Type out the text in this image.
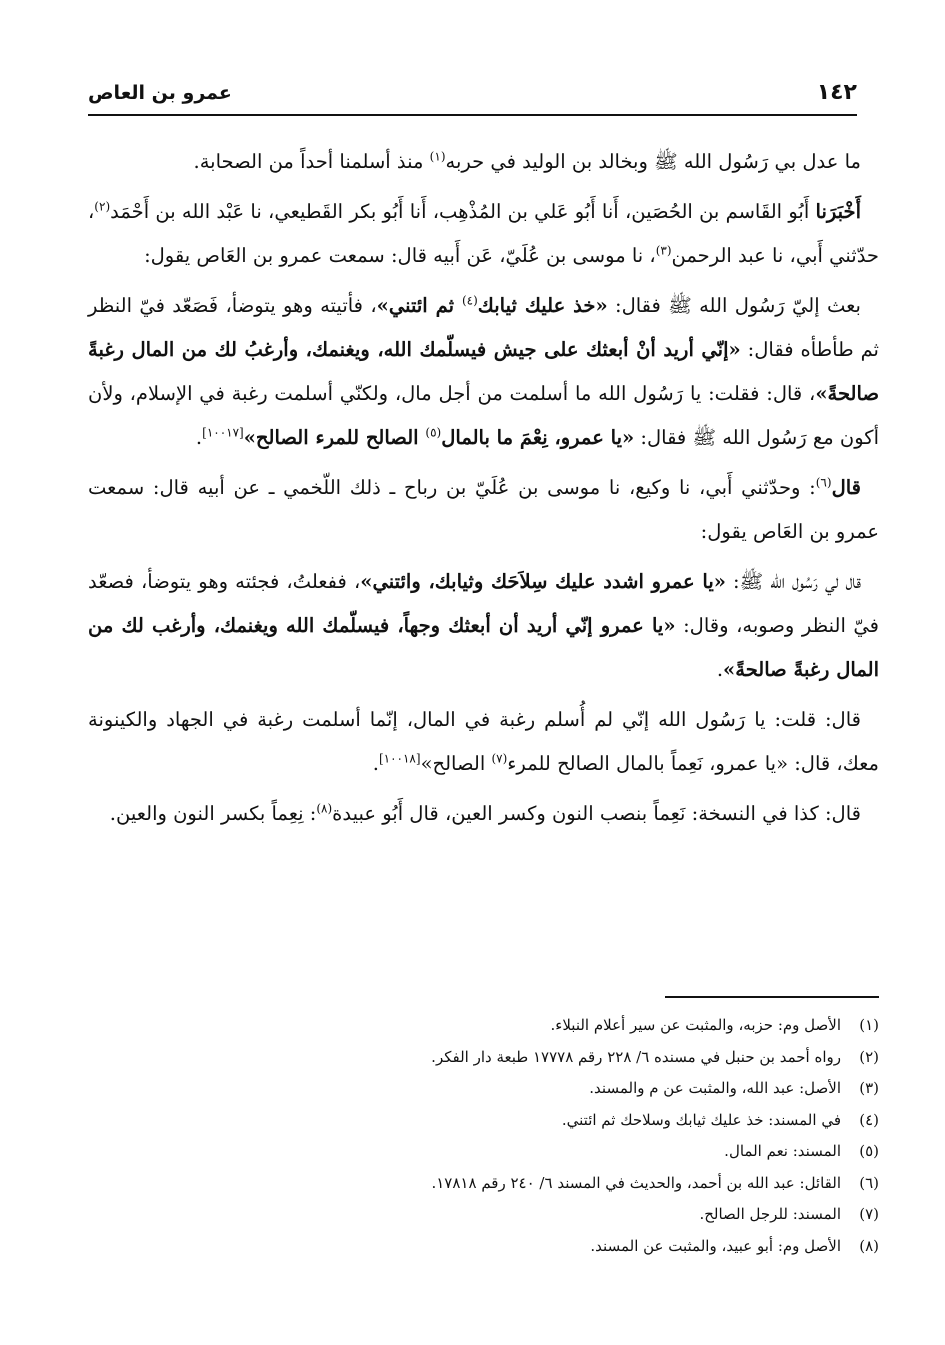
١٤٢
عمرو بن العاص

ما عدل بي رَسُول الله ﷺ وبخالد بن الوليد في حربه$^{(١)}$ منذ أسلمنا أحداً من الصحابة.

أَخْبَرَنا أَبُو القَاسم بن الحُصَين، أَنا أَبُو عَلي بن المُذْهِب، أَنا أَبُو بكر القَطيعي، نا عَبْد الله بن أَحْمَد$^{(٢)}$، حدّثني أَبي، نا عبد الرحمن$^{(٣)}$، نا موسى بن عُلَيّ، عَن أَبيه قال: سمعت عمرو بن العَاص يقول:

بعث إليّ رَسُول الله ﷺ فقال: «خذ عليك ثيابك$^{(٤)}$ ثم ائتني»، فأتيته وهو يتوضأ، فَصَعّد فيّ النظر ثم طأطأه فقال: «إنّي أريد أنْ أبعثك على جيش فيسلّمك الله، ويغنمك، وأرغبُ لك من المال رغبةً صالحةً»، قال: فقلت: يا رَسُول الله ما أسلمت من أجل مال، ولكنّي أسلمت رغبة في الإسلام، ولأن أكون مع رَسُول الله ﷺ فقال: «يا عمرو، نِعْمَ ما بالمال$^{(٥)}$ الصالح للمرء الصالح»[١٠٠١٧].

قال$^{(٦)}$: وحدّثني أَبي، نا وكيع، نا موسى بن عُلَيّ بن رباح ـ ذلك اللّخمي ـ عن أبيه قال: سمعت عمرو بن العَاص يقول:

قال لي رَسُول الله ﷺ: «يا عمرو اشدد عليك سِلاَحَك وثيابك، وائتني»، ففعلتُ، فجئته وهو يتوضأ، فصعّد فيّ النظر وصوبه، وقال: «يا عمرو إنّي أريد أن أبعثك وجهاً، فيسلّمك الله ويغنمك، وأرغب لك من المال رغبةً صالحةً».

قال: قلت: يا رَسُول الله إنّي لم أُسلم رغبة في المال، إنّما أسلمت رغبة في الجهاد والكينونة معك، قال: «يا عمرو، نَعِماً بالمال الصالح للمرء$^{(٧)}$ الصالح»[١٠٠١٨].

قال: كذا في النسخة: نَعِماً بنصب النون وكسر العين، قال أَبُو عبيدة$^{(٨)}$: نِعِماً بكسر النون والعين.

(١)
الأصل وم: حزبه، والمثبت عن سير أعلام النبلاء.
(٢)
رواه أحمد بن حنبل في مسنده ٦/ ٢٢٨ رقم ١٧٧٧٨ طبعة دار الفكر.
(٣)
الأصل: عبد الله، والمثبت عن م والمسند.
(٤)
في المسند: خذ عليك ثيابك وسلاحك ثم ائتني.
(٥)
المسند: نعم المال.
(٦)
القائل: عبد الله بن أحمد، والحديث في المسند ٦/ ٢٤٠ رقم ١٧٨١٨.
(٧)
المسند: للرجل الصالح.
(٨)
الأصل وم: أبو عبيد، والمثبت عن المسند.
